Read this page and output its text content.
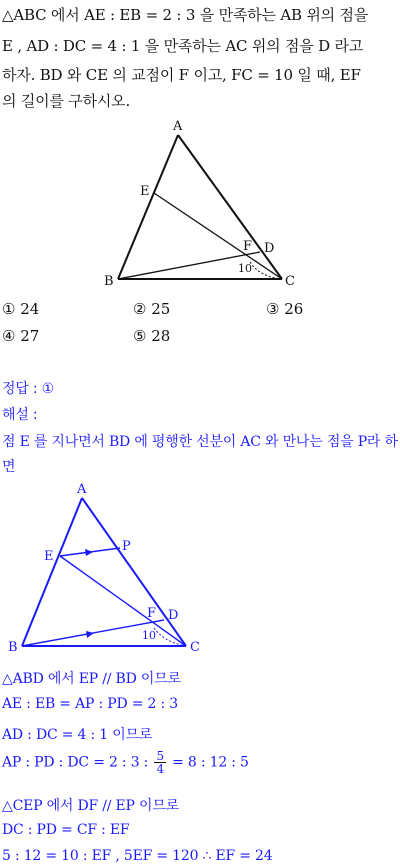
△ABC 에서 AE : EB = 2 : 3 을 만족하는 AB 위의 점을
E , AD : DC = 4 : 1 을 만족하는 AC 위의 점을 D 라고
하자. BD 와 CE 의 교점이 F 이고, FC = 10 일 때, EF
의 길이를 구하시오.
A
E
F D
B	C
10
① 24	② 25	③ 26
④ 27	⑤ 28
정답 : ①
해설 :
점 E 를 지나면서 BD 에 평행한 선분이 AC 와 만나는 점을 P라 하
면
A
E
P
F D
B	C
10
△ABD 에서 EP ∕∕ BD 이므로
AE : EB = AP : PD = 2 : 3
AD : DC = 4 : 1 이므로
AP : PD : DC = 2 : 3 : $\frac{5}{4} = 8$ : 12 : 5
△CEP 에서 DF ∕∕ EP 이므로
DC : PD = CF : EF
5 : 12 = 10 : EF , 5EF = 120 ∴ EF = 24
